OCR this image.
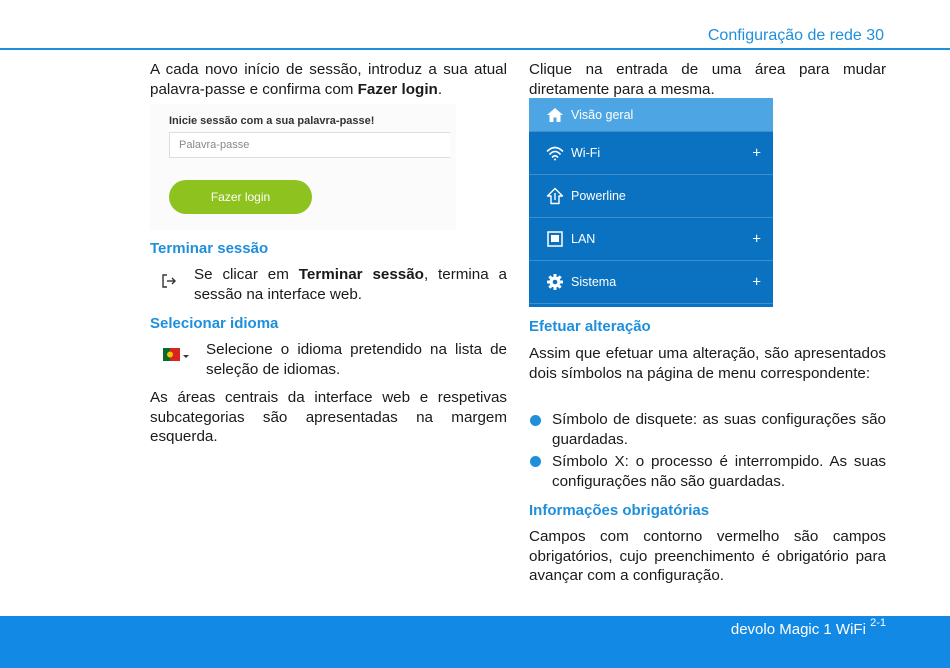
Configuração de rede 30

A cada novo início de sessão, introduz a sua atual palavra-passe e confirma com Fazer login.

Inicie sessão com a sua palavra-passe!
Palavra-passe
Fazer login
Terminar sessão

Se clicar em Terminar sessão, termina a sessão na interface web.

Selecionar idioma

Selecione o idioma pretendido na lista de seleção de idiomas.

As áreas centrais da interface web e respetivas subcategorias são apresentadas na margem esquerda.

Clique na entrada de uma área para mudar diretamente para a mesma.

Visão geral
Wi-Fi	+
Powerline
LAN	+
Sistema	+
Efetuar alteração

Assim que efetuar uma alteração, são apresentados dois símbolos na página de menu correspondente:

Símbolo de disquete: as suas configurações são guardadas.

Símbolo X: o processo é interrompido. As suas configurações não são guardadas.

Informações obrigatórias

Campos com contorno vermelho são campos obrigatórios, cujo preenchimento é obrigatório para avançar com a configuração.

devolo Magic 1 WiFi $^{2-1}$
